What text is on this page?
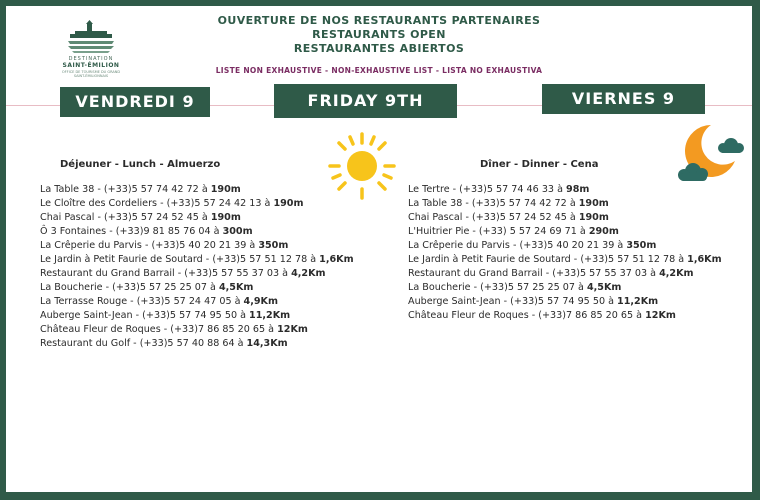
DESTINATION
SAINT-ÉMILION
OFFICE DE TOURISME DU GRAND SAINT-ÉMILIONNAIS
OUVERTURE DE NOS RESTAURANTS PARTENAIRES
RESTAURANTS OPEN
RESTAURANTES ABIERTOS
LISTE NON EXHAUSTIVE - NON-EXHAUSTIVE LIST - LISTA NO EXHAUSTIVA
VENDREDI 9	FRIDAY 9TH	VIERNES 9
Déjeuner - Lunch - Almuerzo	Dîner - Dinner - Cena
La Table 38 - (+33)5 57 74 42 72 à 190m
Le Cloître des Cordeliers - (+33)5 57 24 42 13 à 190m
Chai Pascal - (+33)5 57 24 52 45 à 190m
Ô 3 Fontaines - (+33)9 81 85 76 04 à 300m
La Crêperie du Parvis - (+33)5 40 20 21 39 à 350m
Le Jardin à Petit Faurie de Soutard - (+33)5 57 51 12 78 à 1,6Km
Restaurant du Grand Barrail - (+33)5 57 55 37 03 à 4,2Km
La Boucherie - (+33)5 57 25 25 07 à 4,5Km
La Terrasse Rouge - (+33)5 57 24 47 05 à 4,9Km
Auberge Saint-Jean - (+33)5 57 74 95 50 à 11,2Km
Château Fleur de Roques - (+33)7 86 85 20 65 à 12Km
Restaurant du Golf - (+33)5 57 40 88 64 à 14,3Km
Le Tertre - (+33)5 57 74 46 33 à 98m
La Table 38 - (+33)5 57 74 42 72 à 190m
Chai Pascal - (+33)5 57 24 52 45 à 190m
L'Huitrier Pie - (+33) 5 57 24 69 71 à 290m
La Crêperie du Parvis - (+33)5 40 20 21 39 à 350m
Le Jardin à Petit Faurie de Soutard - (+33)5 57 51 12 78 à 1,6Km
Restaurant du Grand Barrail - (+33)5 57 55 37 03 à 4,2Km
La Boucherie - (+33)5 57 25 25 07 à 4,5Km
Auberge Saint-Jean - (+33)5 57 74 95 50 à 11,2Km
Château Fleur de Roques - (+33)7 86 85 20 65 à 12Km
